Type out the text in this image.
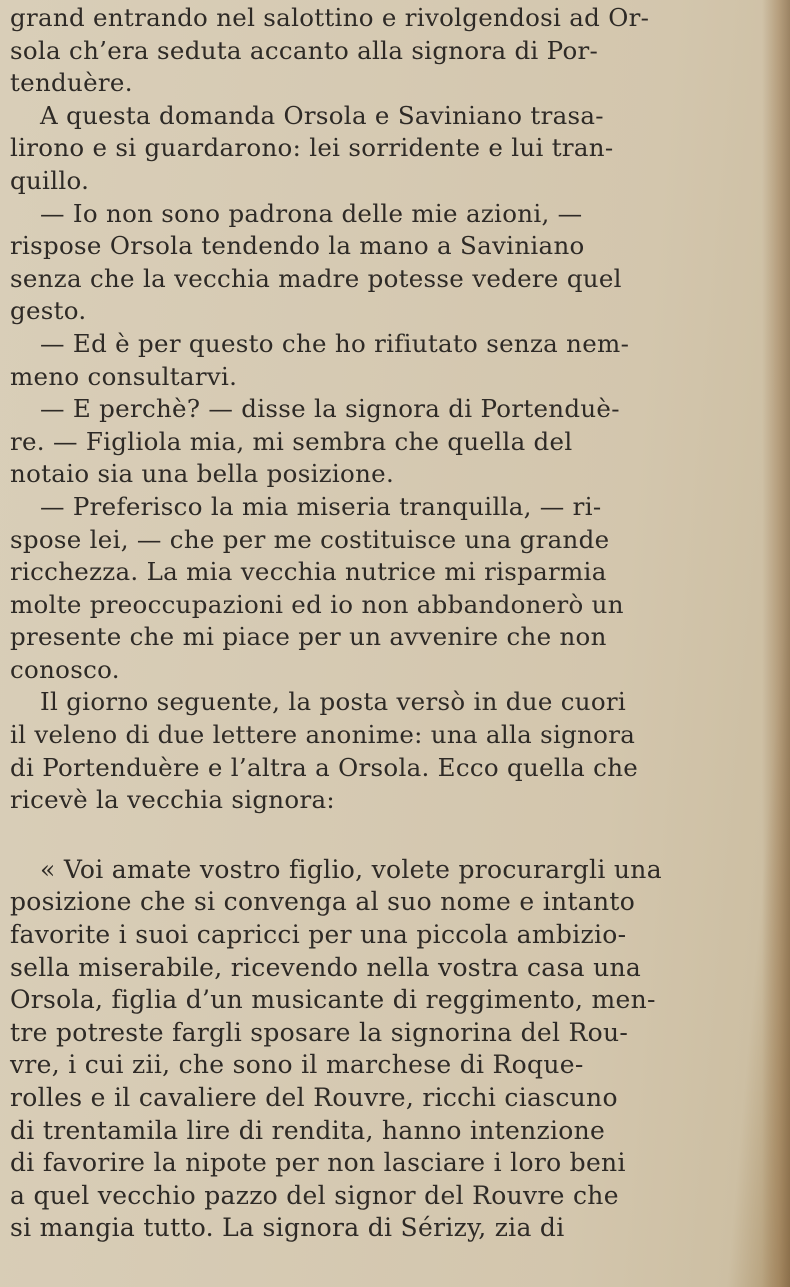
grand entrando nel salottino e rivolgendosi ad Or-
sola ch’era seduta accanto alla signora di Por-
tenduère.
A questa domanda Orsola e Saviniano trasa-
lirono e si guardarono: lei sorridente e lui tran-
quillo.
— Io non sono padrona delle mie azioni, —
rispose Orsola tendendo la mano a Saviniano
senza che la vecchia madre potesse vedere quel
gesto.
— Ed è per questo che ho rifiutato senza nem-
meno consultarvi.
— E perchè? — disse la signora di Portenduè-
re. — Figliola mia, mi sembra che quella del
notaio sia una bella posizione.
— Preferisco la mia miseria tranquilla, — ri-
spose lei, — che per me costituisce una grande
ricchezza. La mia vecchia nutrice mi risparmia
molte preoccupazioni ed io non abbandonerò un
presente che mi piace per un avvenire che non
conosco.
Il giorno seguente, la posta versò in due cuori
il veleno di due lettere anonime: una alla signora
di Portenduère e l’altra a Orsola. Ecco quella che
ricevè la vecchia signora:
« Voi amate vostro figlio, volete procurargli una
posizione che si convenga al suo nome e intanto
favorite i suoi capricci per una piccola ambizio-
sella miserabile, ricevendo nella vostra casa una
Orsola, figlia d’un musicante di reggimento, men-
tre potreste fargli sposare la signorina del Rou-
vre, i cui zii, che sono il marchese di Roque-
rolles e il cavaliere del Rouvre, ricchi ciascuno
di trentamila lire di rendita, hanno intenzione
di favorire la nipote per non lasciare i loro beni
a quel vecchio pazzo del signor del Rouvre che
si mangia tutto. La signora di Sérizy, zia di
